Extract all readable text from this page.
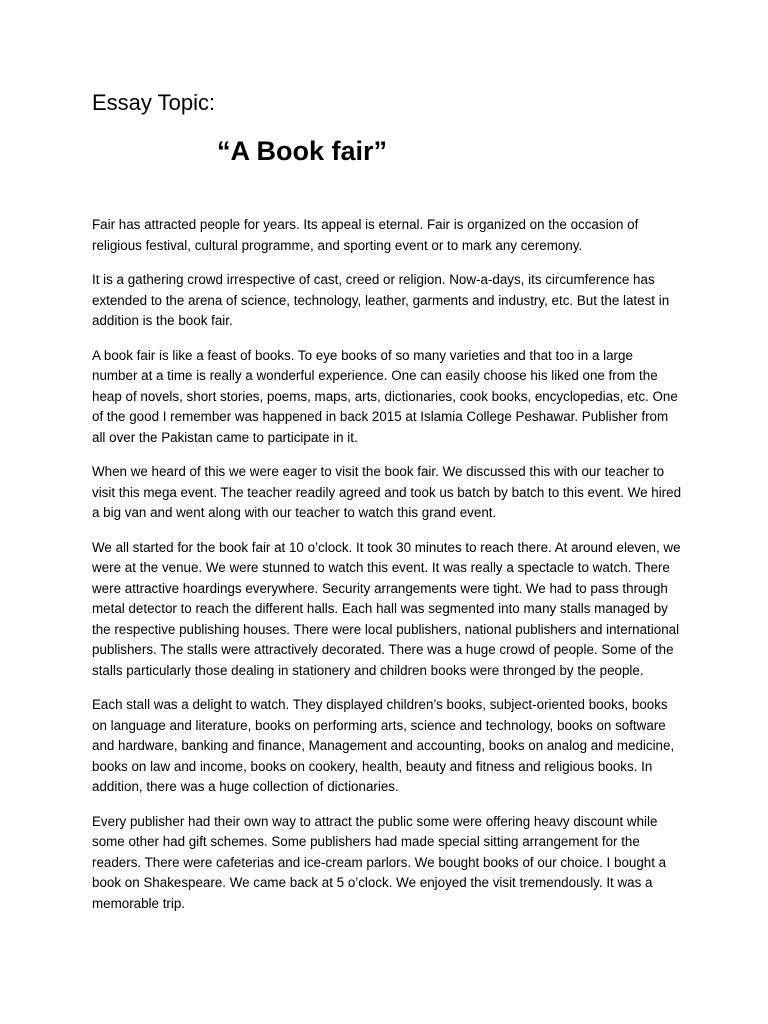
Essay Topic:
“A Book fair”

Fair has attracted people for years. Its appeal is eternal. Fair is organized on the occasion of religious festival, cultural programme, and sporting event or to mark any ceremony.

It is a gathering crowd irrespective of cast, creed or religion. Now-a-days, its circumference has extended to the arena of science, technology, leather, garments and industry, etc. But the latest in addition is the book fair.

A book fair is like a feast of books. To eye books of so many varieties and that too in a large number at a time is really a wonderful experience. One can easily choose his liked one from the heap of novels, short stories, poems, maps, arts, dictionaries, cook books, encyclopedias, etc. One of the good I remember was happened in back 2015 at Islamia College Peshawar. Publisher from all over the Pakistan came to participate in it.

When we heard of this we were eager to visit the book fair. We discussed this with our teacher to visit this mega event. The teacher readily agreed and took us batch by batch to this event. We hired a big van and went along with our teacher to watch this grand event.

We all started for the book fair at 10 o’clock. It took 30 minutes to reach there. At around eleven, we were at the venue. We were stunned to watch this event. It was really a spectacle to watch. There were attractive hoardings everywhere. Security arrangements were tight. We had to pass through metal detector to reach the different halls. Each hall was segmented into many stalls managed by the respective publishing houses. There were local publishers, national publishers and international publishers. The stalls were attractively decorated. There was a huge crowd of people. Some of the stalls particularly those dealing in stationery and children books were thronged by the people.

Each stall was a delight to watch. They displayed children’s books, subject-oriented books, books on language and literature, books on performing arts, science and technology, books on software and hardware, banking and finance, Management and accounting, books on analog and medicine, books on law and income, books on cookery, health, beauty and fitness and religious books. In addition, there was a huge collection of dictionaries.

Every publisher had their own way to attract the public some were offering heavy discount while some other had gift schemes. Some publishers had made special sitting arrangement for the readers. There were cafeterias and ice-cream parlors. We bought books of our choice. I bought a book on Shakespeare. We came back at 5 o’clock. We enjoyed the visit tremendously. It was a memorable trip.
